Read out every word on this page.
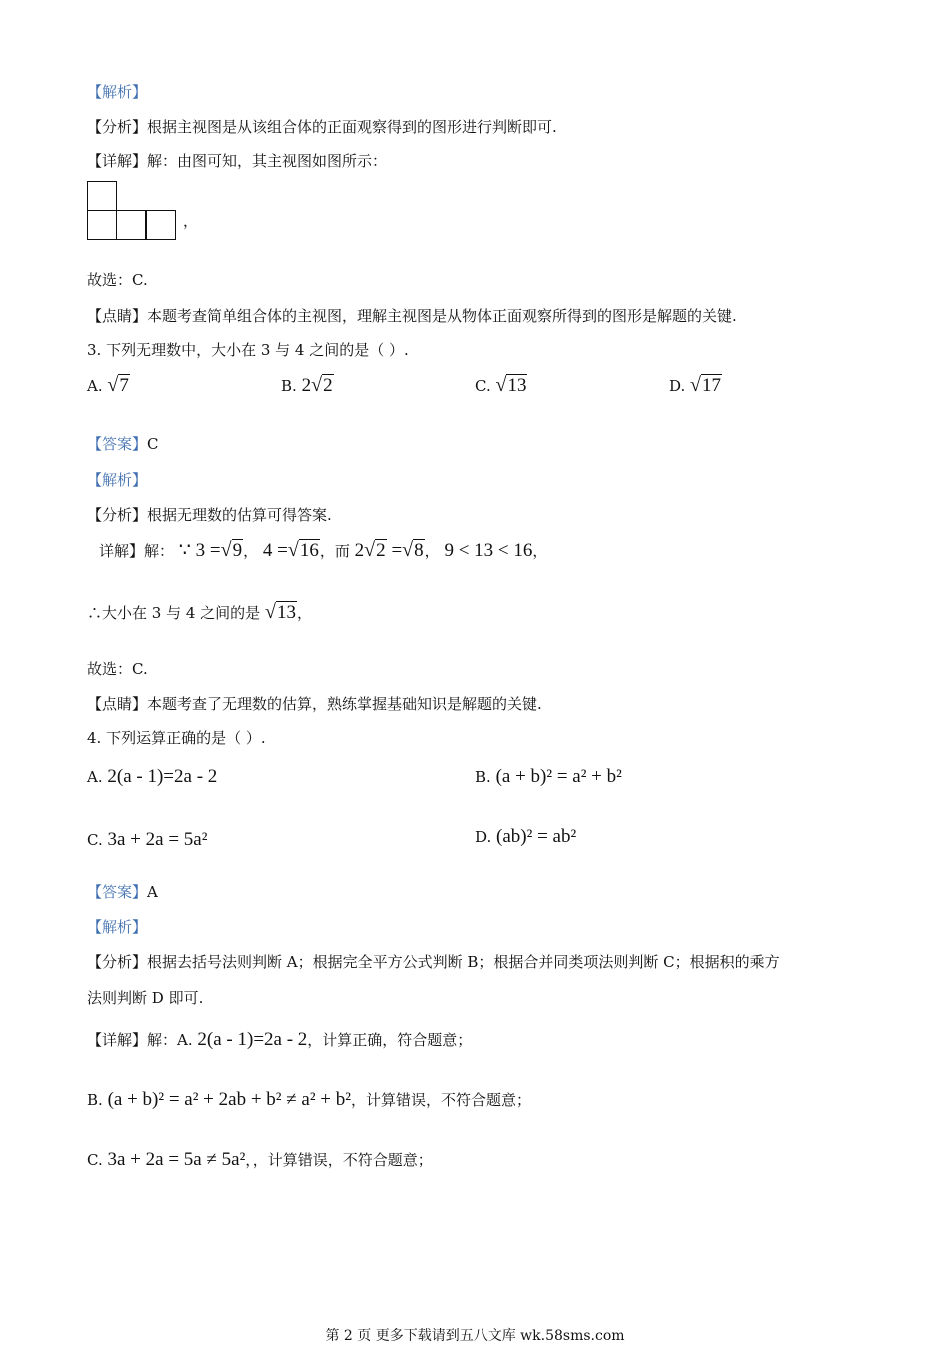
【解析】
【分析】根据主视图是从该组合体的正面观察得到的图形进行判断即可.
【详解】解：由图可知，其主视图如图所示：
，
故选：C.
【点睛】本题考查简单组合体的主视图，理解主视图是从物体正面观察所得到的图形是解题的关键.
3. 下列无理数中，大小在 3 与 4 之间的是（ ）.
A. √7	B. 2√2	C. √13	D. √17
【答案】C
【解析】
【分析】根据无理数的估算可得答案.
详解】解： ∵ 3 =√9， 4 =√16，而 2√2 =√8， 9 < 13 < 16，
∴大小在 3 与 4 之间的是 √13，
故选：C.
【点睛】本题考查了无理数的估算，熟练掌握基础知识是解题的关键.
4. 下列运算正确的是（ ）.
A. 2(a - 1)=2a - 2	B. (a + b)² = a² + b²
C. 3a + 2a = 5a²	D. (ab)² = ab²
【答案】A
【解析】
【分析】根据去括号法则判断 A；根据完全平方公式判断 B；根据合并同类项法则判断 C；根据积的乘方
法则判断 D 即可.
【详解】解：A. 2(a - 1)=2a - 2，计算正确，符合题意；
B. (a + b)² = a² + 2ab + b² ≠ a² + b²，计算错误，不符合题意；
C. 3a + 2a = 5a ≠ 5a²，，计算错误，不符合题意；
第 2 页 更多下载请到五八文库 wk.58sms.com
